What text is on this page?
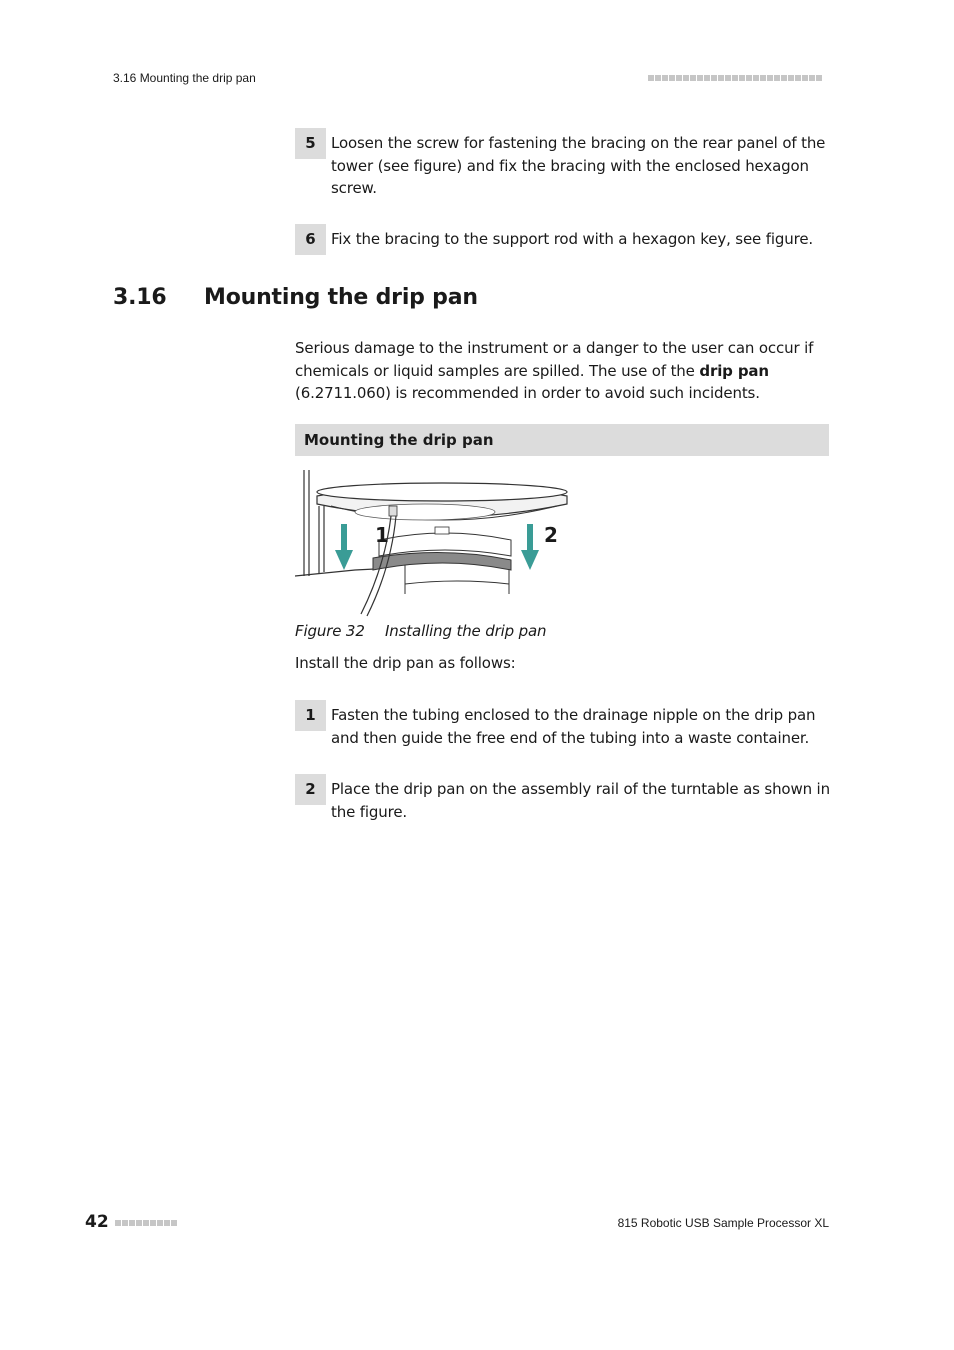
3.16 Mounting the drip pan
5	Loosen the screw for fastening the bracing on the rear panel of the tower (see figure) and fix the bracing with the enclosed hexagon screw.
6	Fix the bracing to the support rod with a hexagon key, see figure.
3.16 Mounting the drip pan
Serious damage to the instrument or a danger to the user can occur if chemicals or liquid samples are spilled. The use of the drip pan (6.2711.060) is recommended in order to avoid such incidents.
Mounting the drip pan
1	2
Figure 32 Installing the drip pan
Install the drip pan as follows:
1	Fasten the tubing enclosed to the drainage nipple on the drip pan and then guide the free end of the tubing into a waste container.
2	Place the drip pan on the assembly rail of the turntable as shown in the figure.
42	815 Robotic USB Sample Processor XL
